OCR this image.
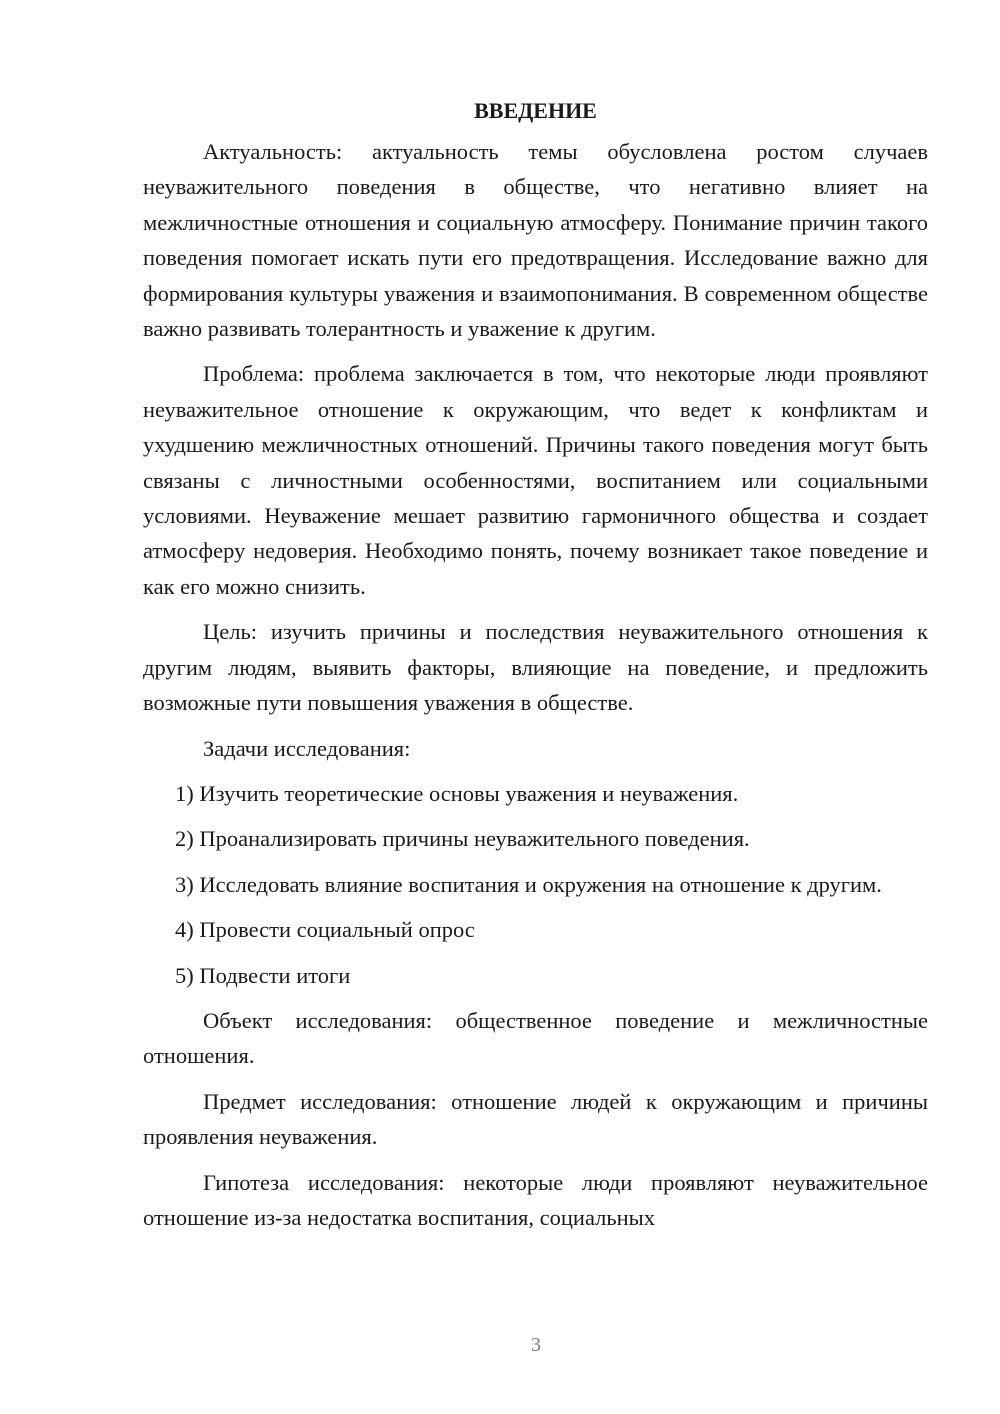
ВВЕДЕНИЕ

Актуальность: актуальность темы обусловлена ростом случаев неуважительного поведения в обществе, что негативно влияет на межличностные отношения и социальную атмосферу. Понимание причин такого поведения помогает искать пути его предотвращения. Исследование важно для формирования культуры уважения и взаимопонимания. В современном обществе важно развивать толерантность и уважение к другим.

Проблема: проблема заключается в том, что некоторые люди проявляют неуважительное отношение к окружающим, что ведет к конфликтам и ухудшению межличностных отношений. Причины такого поведения могут быть связаны с личностными особенностями, воспитанием или социальными условиями. Неуважение мешает развитию гармоничного общества и создает атмосферу недоверия. Необходимо понять, почему возникает такое поведение и как его можно снизить.

Цель: изучить причины и последствия неуважительного отношения к другим людям, выявить факторы, влияющие на поведение, и предложить возможные пути повышения уважения в обществе.

Задачи исследования:

1) Изучить теоретические основы уважения и неуважения.

2) Проанализировать причины неуважительного поведения.

3) Исследовать влияние воспитания и окружения на отношение к другим.

4) Провести социальный опрос

5) Подвести итоги

Объект исследования: общественное поведение и межличностные отношения.

Предмет исследования: отношение людей к окружающим и причины проявления неуважения.

Гипотеза исследования: некоторые люди проявляют неуважительное отношение из-за недостатка воспитания, социальных

3
